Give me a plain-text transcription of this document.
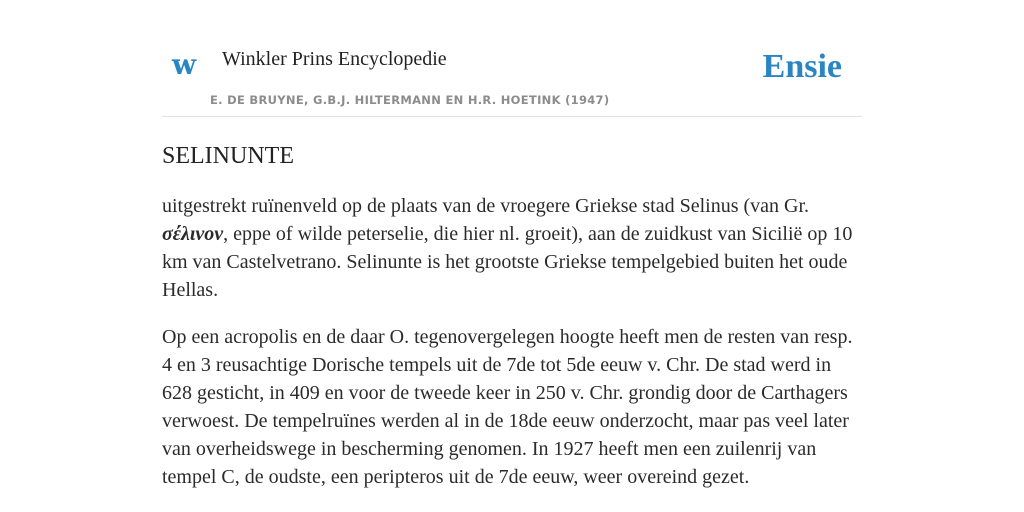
w Winkler Prins Encyclopedie
E. DE BRUYNE, G.B.J. HILTERMANN EN H.R. HOETINK (1947)
Ensie
SELINUNTE

uitgestrekt ruïnenveld op de plaats van de vroegere Griekse stad Selinus (van Gr. σέλινον, eppe of wilde peterselie, die hier nl. groeit), aan de zuidkust van Sicilië op 10 km van Castelvetrano. Selinunte is het grootste Griekse tempelgebied buiten het oude Hellas.

Op een acropolis en de daar O. tegenovergelegen hoogte heeft men de resten van resp. 4 en 3 reusachtige Dorische tempels uit de 7de tot 5de eeuw v. Chr. De stad werd in 628 gesticht, in 409 en voor de tweede keer in 250 v. Chr. grondig door de Carthagers verwoest. De tempelruïnes werden al in de 18de eeuw onderzocht, maar pas veel later van overheidswege in bescherming genomen. In 1927 heeft men een zuilenrij van tempel C, de oudste, een peripteros uit de 7de eeuw, weer overeind gezet.
